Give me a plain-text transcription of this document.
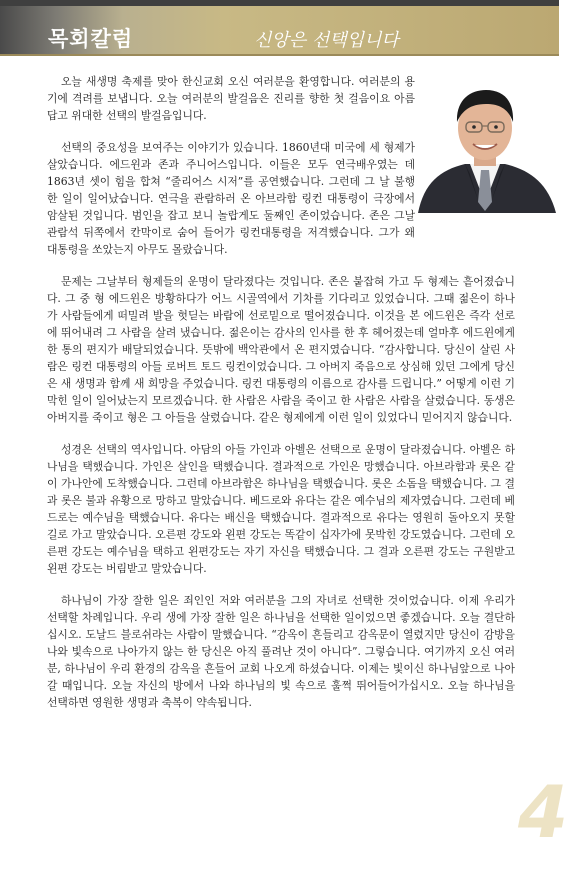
목회칼럼	신앙은 선택입니다

오늘 새생명 축제를 맞아 한신교회 오신 여러분을 환영합니다. 여러분의 용기에 격려를 보냅니다. 오늘 여러분의 발걸음은 진리를 향한 첫 걸음이요 아름답고 위대한 선택의 발걸음입니다.

선택의 중요성을 보여주는 이야기가 있습니다. 1860년대 미국에 세 형제가 살았습니다. 에드윈과 존과 주니어스입니다. 이들은 모두 연극배우였는 데 1863년 셋이 힘을 합쳐 “줄리어스 시저”를 공연했습니다. 그런데 그 날 불행한 일이 일어났습니다. 연극을 관람하러 온 아브라함 링컨 대통령이 극장에서 암살된 것입니다. 범인을 잡고 보니 놀랍게도 둘째인 존이었습니다. 존은 그날 관람석 뒤쪽에서 칸막이로 숨어 들어가 링컨대통령을 저격했습니다. 그가 왜 대통령을 쏘았는지 아무도 몰랐습니다.

문제는 그날부터 형제들의 운명이 달라졌다는 것입니다. 존은 붙잡혀 가고 두 형제는 흩어졌습니다. 그 중 형 에드윈은 방황하다가 어느 시골역에서 기차를 기다리고 있었습니다. 그때 젊은이 하나가 사람들에게 떠밀려 발을 헛딛는 바람에 선로밑으로 떨어졌습니다. 이것을 본 에드윈은 즉각 선로에 뛰어내려 그 사람을 살려 냈습니다. 젊은이는 감사의 인사를 한 후 헤어졌는데 얼마후 에드윈에게 한 통의 편지가 배달되었습니다. 뜻밖에 백악관에서 온 편지였습니다. “감사합니다. 당신이 살린 사람은 링컨 대통령의 아들 로버트 토드 링컨이었습니다. 그 아버지 죽음으로 상심해 있던 그에게 당신은 새 생명과 함께 새 희망을 주었습니다. 링컨 대통령의 이름으로 감사를 드립니다.” 어떻게 이런 기막힌 일이 일어났는지 모르겠습니다. 한 사람은 사람을 죽이고 한 사람은 사람을 살렸습니다. 동생은 아버지를 죽이고 형은 그 아들을 살렸습니다. 같은 형제에게 이런 일이 있었다니 믿어지지 않습니다.

성경은 선택의 역사입니다. 아담의 아들 가인과 아벨은 선택으로 운명이 달라졌습니다. 아벨은 하나님을 택했습니다. 가인은 살인을 택했습니다. 결과적으로 가인은 망했습니다. 아브라함과 롯은 같이 가나안에 도착했습니다. 그런데 아브라함은 하나님을 택했습니다. 롯은 소돔을 택했습니다. 그 결과 롯은 불과 유황으로 망하고 말았습니다. 베드로와 유다는 같은 예수님의 제자였습니다. 그런데 베드로는 예수님을 택했습니다. 유다는 배신을 택했습니다. 결과적으로 유다는 영원히 돌아오지 못할 길로 가고 말았습니다. 오른편 강도와 왼편 강도는 똑같이 십자가에 못박힌 강도였습니다. 그런데 오른편 강도는 예수님을 택하고 왼편강도는 자기 자신을 택했습니다. 그 결과 오른편 강도는 구원받고 왼편 강도는 버림받고 말았습니다.

하나님이 가장 잘한 일은 죄인인 저와 여러분을 그의 자녀로 선택한 것이었습니다. 이제 우리가 선택할 차례입니다. 우리 생에 가장 잘한 일은 하나님을 선택한 일이었으면 좋겠습니다. 오늘 결단하십시오. 도날드 블로쉬라는 사람이 말했습니다. “감옥이 흔들리고 감옥문이 열렸지만 당신이 감방을 나와 빛속으로 나아가지 않는 한 당신은 아직 풀려난 것이 아니다”. 그렇습니다. 여기까지 오신 여러분, 하나님이 우리 환경의 감옥을 흔들어 교회 나오게 하셨습니다. 이제는 빛이신 하나님앞으로 나아갈 때입니다. 오늘 자신의 방에서 나와 하나님의 빛 속으로 훌쩍 뛰어들어가십시오. 오늘 하나님을 선택하면 영원한 생명과 축복이 약속됩니다.

4
